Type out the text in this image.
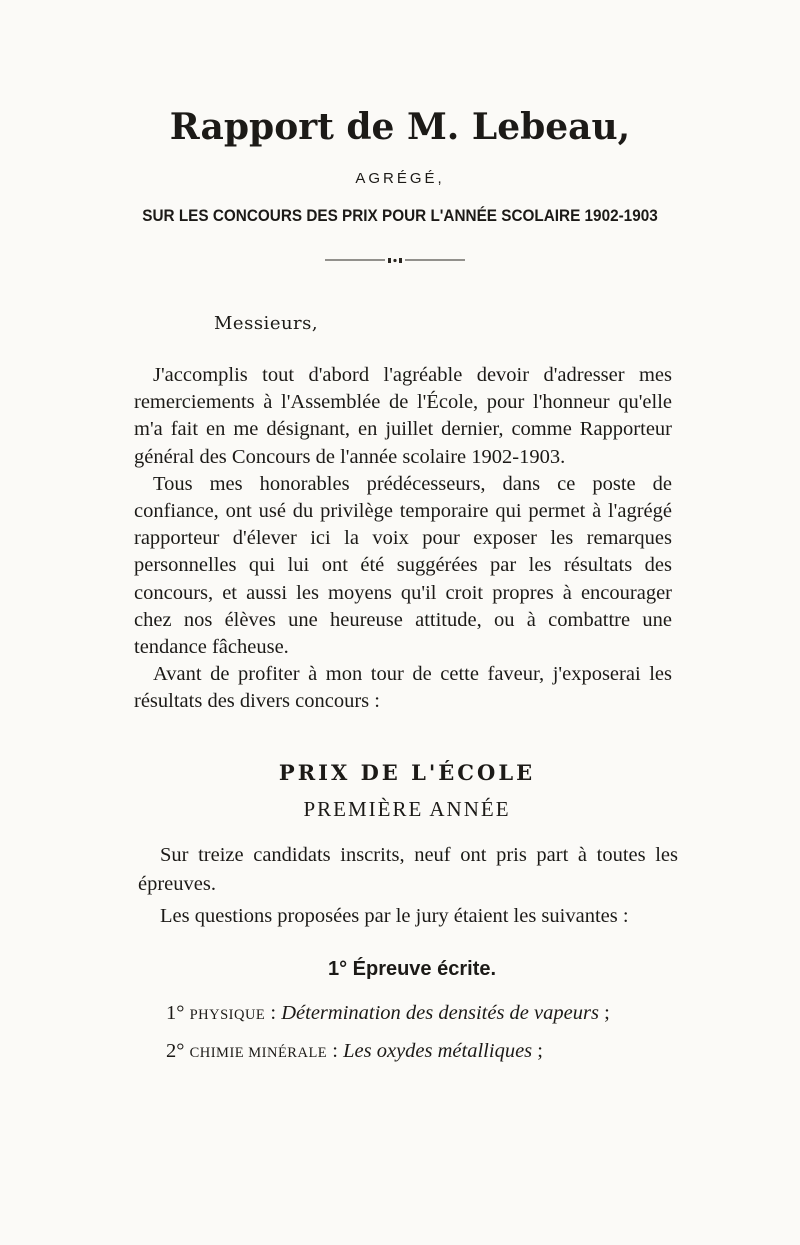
Rapport de M. Lebeau,
AGRÉGÉ,
SUR LES CONCOURS DES PRIX POUR L'ANNÉE SCOLAIRE 1902-1903
Messieurs,

J'accomplis tout d'abord l'agréable devoir d'adresser mes remerciements à l'Assemblée de l'École, pour l'honneur qu'elle m'a fait en me désignant, en juillet dernier, comme Rapporteur général des Concours de l'année scolaire 1902-1903.

Tous mes honorables prédécesseurs, dans ce poste de confiance, ont usé du privilège temporaire qui permet à l'agrégé rapporteur d'élever ici la voix pour exposer les remarques personnelles qui lui ont été suggérées par les résultats des concours, et aussi les moyens qu'il croit propres à encourager chez nos élèves une heureuse attitude, ou à combattre une tendance fâcheuse.

Avant de profiter à mon tour de cette faveur, j'exposerai les résultats des divers concours :

PRIX DE L'ÉCOLE
PREMIÈRE ANNÉE

Sur treize candidats inscrits, neuf ont pris part à toutes les épreuves.

Les questions proposées par le jury étaient les suivantes :

1° Épreuve écrite.
1° PHYSIQUE : Détermination des densités de vapeurs ;
2° CHIMIE MINÉRALE : Les oxydes métalliques ;
